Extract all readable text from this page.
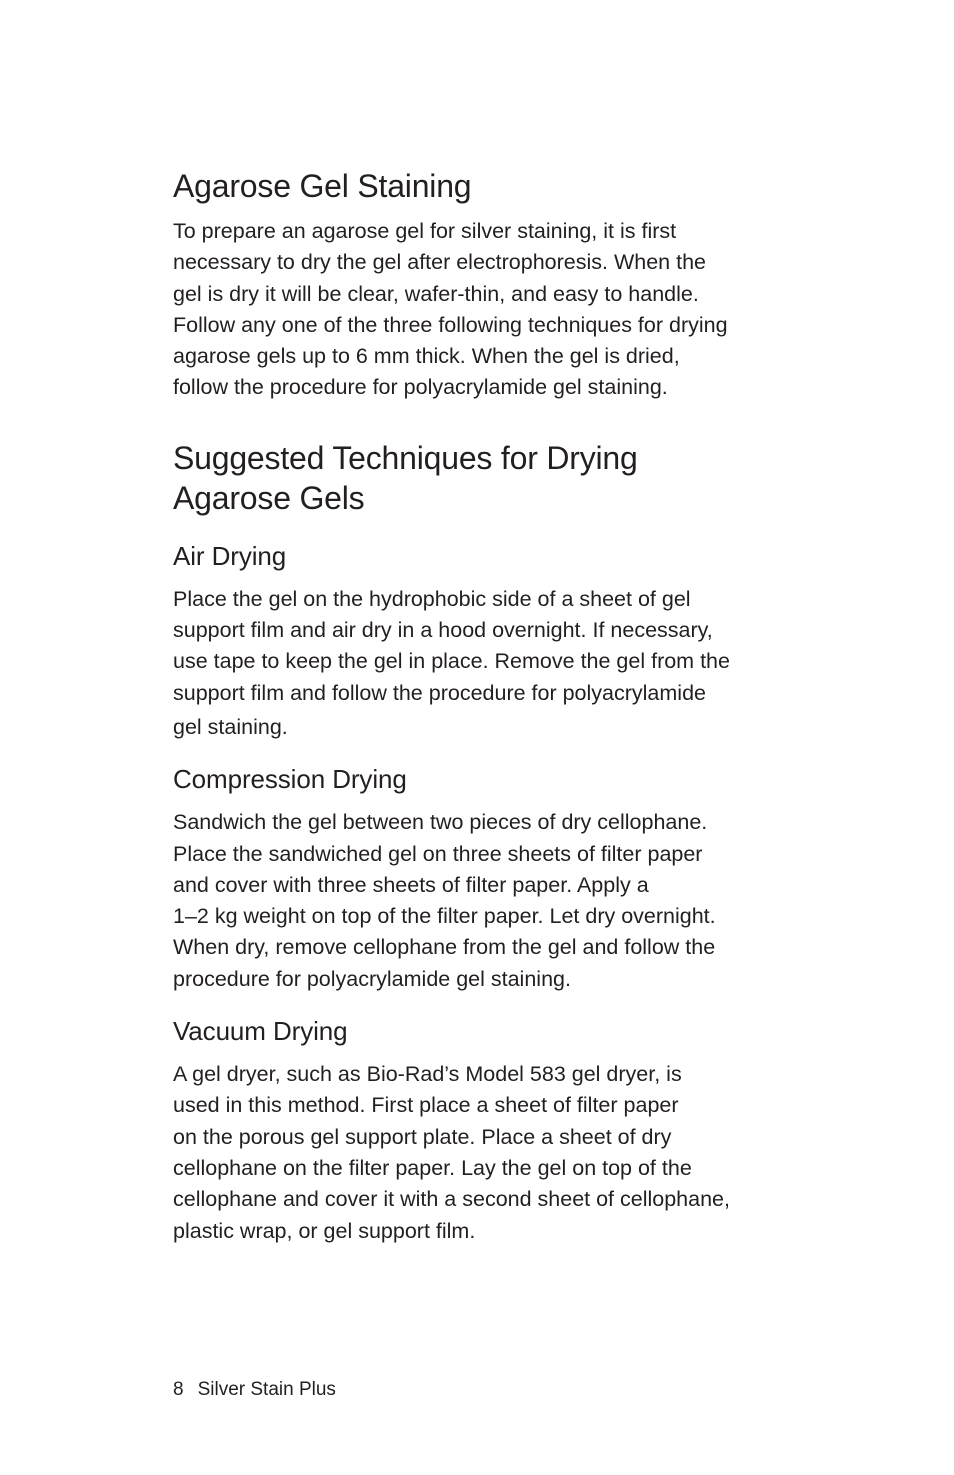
Agarose Gel Staining

To prepare an agarose gel for silver staining, it is first
necessary to dry the gel after electrophoresis. When the
gel is dry it will be clear, wafer-thin, and easy to handle.
Follow any one of the three following techniques for drying
agarose gels up to 6 mm thick. When the gel is dried,
follow the procedure for polyacrylamide gel staining.

Suggested Techniques for Drying
Agarose Gels
Air Drying

Place the gel on the hydrophobic side of a sheet of gel
support film and air dry in a hood overnight. If necessary,
use tape to keep the gel in place. Remove the gel from the
support film and follow the procedure for polyacrylamide
gel staining.

Compression Drying

Sandwich the gel between two pieces of dry cellophane.
Place the sandwiched gel on three sheets of filter paper
and cover with three sheets of filter paper. Apply a
1–2 kg weight on top of the filter paper. Let dry overnight.
When dry, remove cellophane from the gel and follow the
procedure for polyacrylamide gel staining.

Vacuum Drying

A gel dryer, such as Bio-Rad’s Model 583 gel dryer, is
used in this method. First place a sheet of filter paper
on the porous gel support plate. Place a sheet of dry
cellophane on the filter paper. Lay the gel on top of the
cellophane and cover it with a second sheet of cellophane,
plastic wrap, or gel support film.

8 Silver Stain Plus
